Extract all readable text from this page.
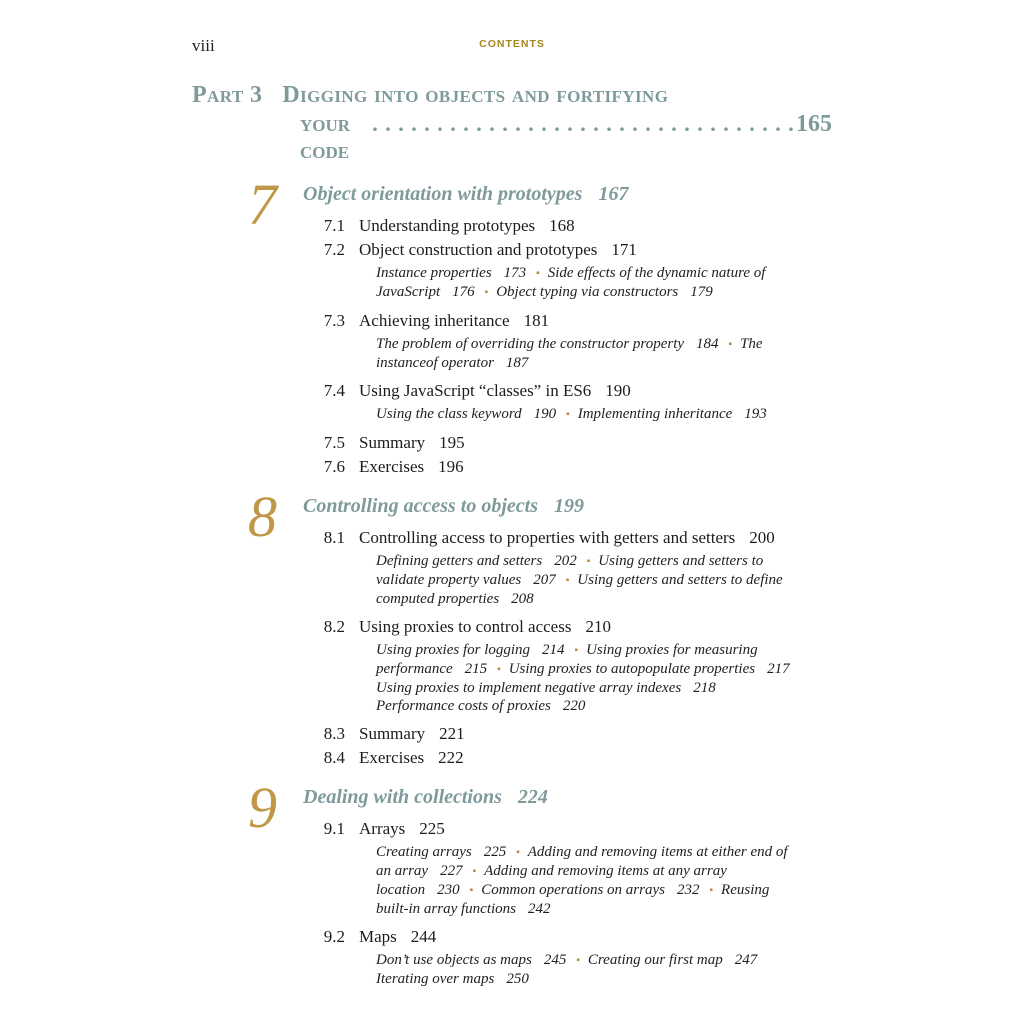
viii	CONTENTS
Part 3 Digging into objects and fortifying
your code
. . .
165
7	Object orientation with prototypes 167
7.1 Understanding prototypes 168
7.2 Object construction and prototypes 171
Instance properties 173 ▪ Side effects of the dynamic nature of
JavaScript 176 ▪ Object typing via constructors 179
7.3 Achieving inheritance 181
The problem of overriding the constructor property 184 ▪ The
instanceof operator 187
7.4 Using JavaScript “classes” in ES6 190
Using the class keyword 190 ▪ Implementing inheritance 193
7.5 Summary 195
7.6 Exercises 196
8	Controlling access to objects 199
8.1 Controlling access to properties with getters and setters 200
Defining getters and setters 202 ▪ Using getters and setters to
validate property values 207 ▪ Using getters and setters to define
computed properties 208
8.2 Using proxies to control access 210
Using proxies for logging 214 ▪ Using proxies for measuring
performance 215 ▪ Using proxies to autopopulate properties 217
Using proxies to implement negative array indexes 218
Performance costs of proxies 220
8.3 Summary 221
8.4 Exercises 222
9	Dealing with collections 224
9.1 Arrays 225
Creating arrays 225 ▪ Adding and removing items at either end of
an array 227 ▪ Adding and removing items at any array
location 230 ▪ Common operations on arrays 232 ▪ Reusing
built-in array functions 242
9.2 Maps 244
Don’t use objects as maps 245 ▪ Creating our first map 247
Iterating over maps 250
